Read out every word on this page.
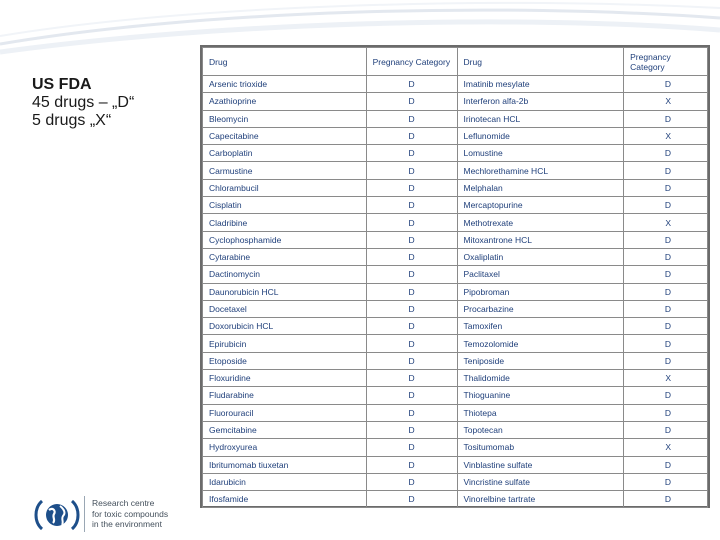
US FDA
45 drugs – „D“
5 drugs „X“
Drug	Pregnancy Category	Drug	Pregnancy Category
Arsenic trioxide	D	Imatinib mesylate	D
Azathioprine	D	Interferon alfa-2b	X
Bleomycin	D	Irinotecan HCL	D
Capecitabine	D	Leflunomide	X
Carboplatin	D	Lomustine	D
Carmustine	D	Mechlorethamine HCL	D
Chlorambucil	D	Melphalan	D
Cisplatin	D	Mercaptopurine	D
Cladribine	D	Methotrexate	X
Cyclophosphamide	D	Mitoxantrone HCL	D
Cytarabine	D	Oxaliplatin	D
Dactinomycin	D	Paclitaxel	D
Daunorubicin HCL	D	Pipobroman	D
Docetaxel	D	Procarbazine	D
Doxorubicin HCL	D	Tamoxifen	D
Epirubicin	D	Temozolomide	D
Etoposide	D	Teniposide	D
Floxuridine	D	Thalidomide	X
Fludarabine	D	Thioguanine	D
Fluorouracil	D	Thiotepa	D
Gemcitabine	D	Topotecan	D
Hydroxyurea	D	Tositumomab	X
Ibritumomab tiuxetan	D	Vinblastine sulfate	D
Idarubicin	D	Vincristine sulfate	D
Ifosfamide	D	Vinorelbine tartrate	D
Research centre
for toxic compounds
in the environment
